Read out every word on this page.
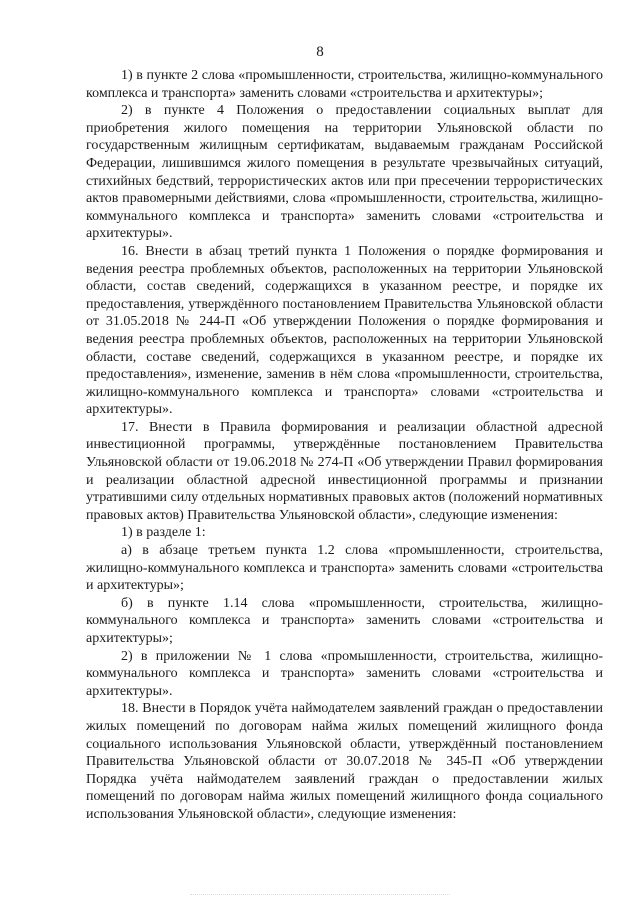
8

1) в пункте 2 слова «промышленности, строительства, жилищно-коммунального комплекса и транспорта» заменить словами «строительства и архитектуры»;

2) в пункте 4 Положения о предоставлении социальных выплат для приобретения жилого помещения на территории Ульяновской области по государственным жилищным сертификатам, выдаваемым гражданам Российской Федерации, лишившимся жилого помещения в результате чрезвычайных ситуаций, стихийных бедствий, террористических актов или при пресечении террористических актов правомерными действиями, слова «промышленности, строительства, жилищно-коммунального комплекса и транспорта» заменить словами «строительства и архитектуры».

16. Внести в абзац третий пункта 1 Положения о порядке формирования и ведения реестра проблемных объектов, расположенных на территории Ульяновской области, состав сведений, содержащихся в указанном реестре, и порядке их предоставления, утверждённого постановлением Правительства Ульяновской области от 31.05.2018 № 244-П «Об утверждении Положения о порядке формирования и ведения реестра проблемных объектов, расположенных на территории Ульяновской области, составе сведений, содержащихся в указанном реестре, и порядке их предоставления», изменение, заменив в нём слова «промышленности, строительства, жилищно-коммунального комплекса и транспорта» словами «строительства и архитектуры».

17. Внести в Правила формирования и реализации областной адресной инвестиционной программы, утверждённые постановлением Правительства Ульяновской области от 19.06.2018 № 274-П «Об утверждении Правил формирования и реализации областной адресной инвестиционной программы и признании утратившими силу отдельных нормативных правовых актов (положений нормативных правовых актов) Правительства Ульяновской области», следующие изменения:

1) в разделе 1:

а) в абзаце третьем пункта 1.2 слова «промышленности, строительства, жилищно-коммунального комплекса и транспорта» заменить словами «строительства и архитектуры»;

б) в пункте 1.14 слова «промышленности, строительства, жилищно-коммунального комплекса и транспорта» заменить словами «строительства и архитектуры»;

2) в приложении № 1 слова «промышленности, строительства, жилищно-коммунального комплекса и транспорта» заменить словами «строительства и архитектуры».

18. Внести в Порядок учёта наймодателем заявлений граждан о предоставлении жилых помещений по договорам найма жилых помещений жилищного фонда социального использования Ульяновской области, утверждённый постановлением Правительства Ульяновской области от 30.07.2018 № 345-П «Об утверждении Порядка учёта наймодателем заявлений граждан о предоставлении жилых помещений по договорам найма жилых помещений жилищного фонда социального использования Ульяновской области», следующие изменения:
